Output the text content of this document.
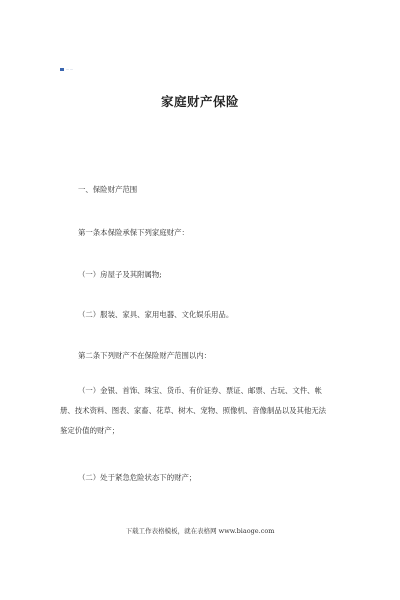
— —
家庭财产保险

一、保险财产范围

第一条本保险承保下列家庭财产：

（一）房屋子及其附属物;

（二）服装、家具、家用电器、文化娱乐用品。

第二条下列财产不在保险财产范围以内：

（一）金银、首饰、珠宝、货币、有价证券、票证、邮票、古玩、文件、帐
册、技术资料、图表、家畜、花草、树木、宠物、照像机、音像制品以及其他无法
鉴定价值的财产；

（二）处于紧急危险状态下的财产；

下载工作表格模板，就在表格网 www.biaoge.com
